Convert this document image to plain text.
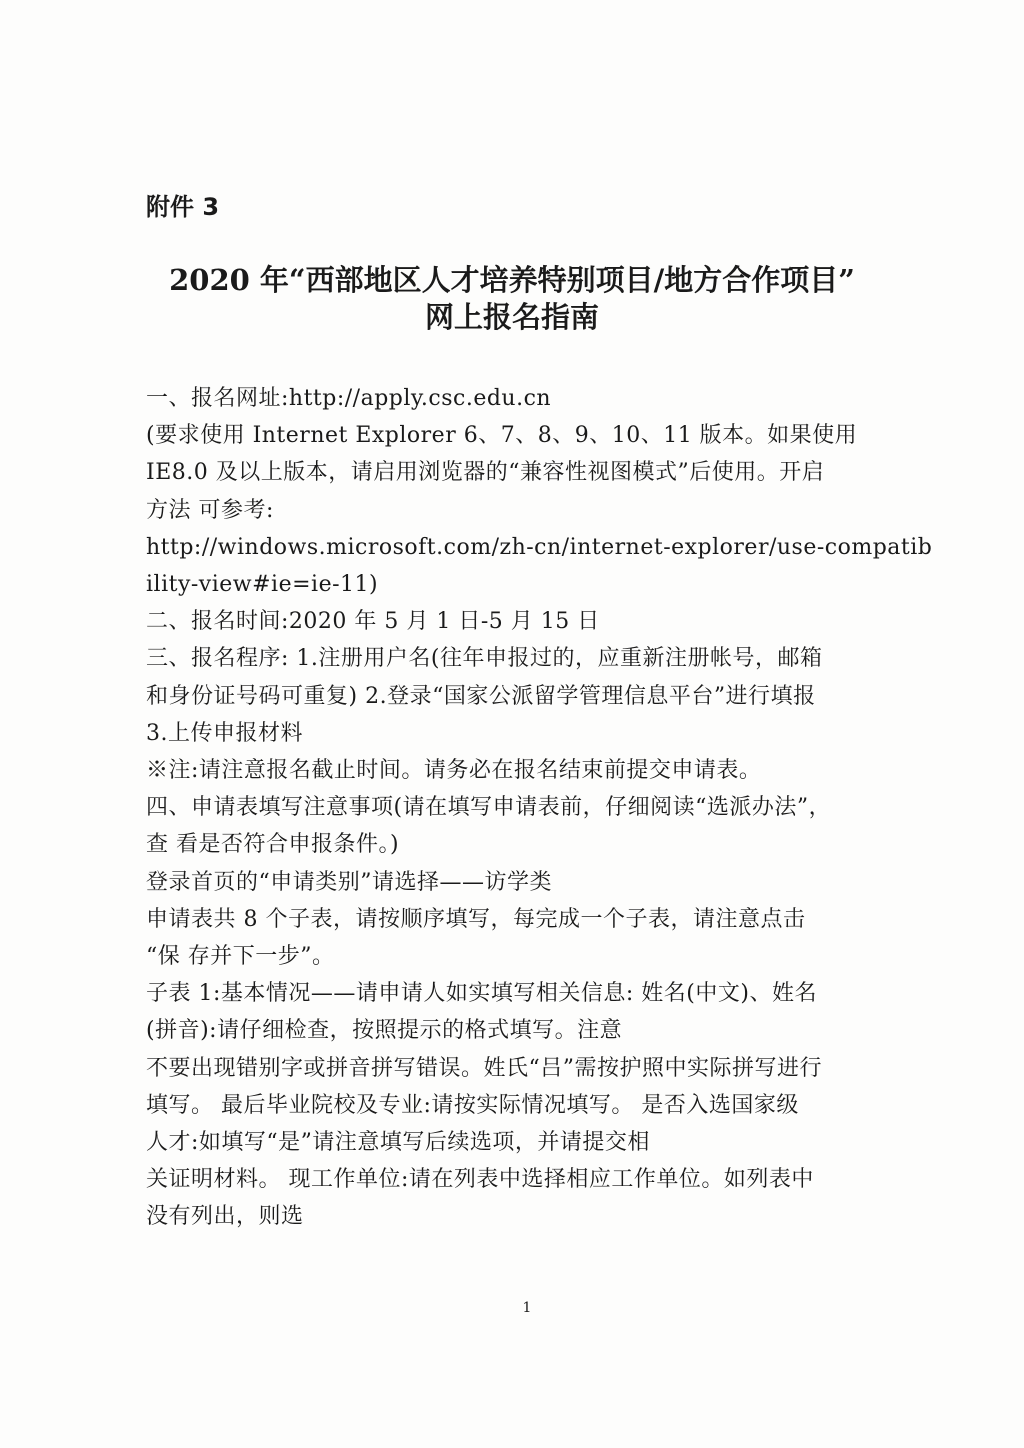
附件 3

2020 年“西部地区人才培养特别项目/地方合作项目”
网上报名指南

一、报名网址:http://apply.csc.edu.cn

(要求使用 Internet Explorer 6、7、8、9、10、11 版本。如果使用

IE8.0 及以上版本，请启用浏览器的“兼容性视图模式”后使用。开启

方法 可参考:

http://windows.microsoft.com/zh-cn/internet-explorer/use-compatib

ility-view#ie=ie-11)

二、报名时间:2020 年 5 月 1 日-5 月 15 日

三、报名程序: 1.注册用户名(往年申报过的，应重新注册帐号，邮箱

和身份证号码可重复) 2.登录“国家公派留学管理信息平台”进行填报

3.上传申报材料

※注:请注意报名截止时间。请务必在报名结束前提交申请表。

四、申请表填写注意事项(请在填写申请表前，仔细阅读“选派办法”，

查 看是否符合申报条件。)

登录首页的“申请类别”请选择——访学类

申请表共 8 个子表，请按顺序填写，每完成一个子表，请注意点击

“保 存并下一步”。

子表 1:基本情况——请申请人如实填写相关信息: 姓名(中文)、姓名

(拼音):请仔细检查，按照提示的格式填写。注意

不要出现错别字或拼音拼写错误。姓氏“吕”需按护照中实际拼写进行

填写。 最后毕业院校及专业:请按实际情况填写。 是否入选国家级

人才:如填写“是”请注意填写后续选项，并请提交相

关证明材料。 现工作单位:请在列表中选择相应工作单位。如列表中

没有列出，则选

1
